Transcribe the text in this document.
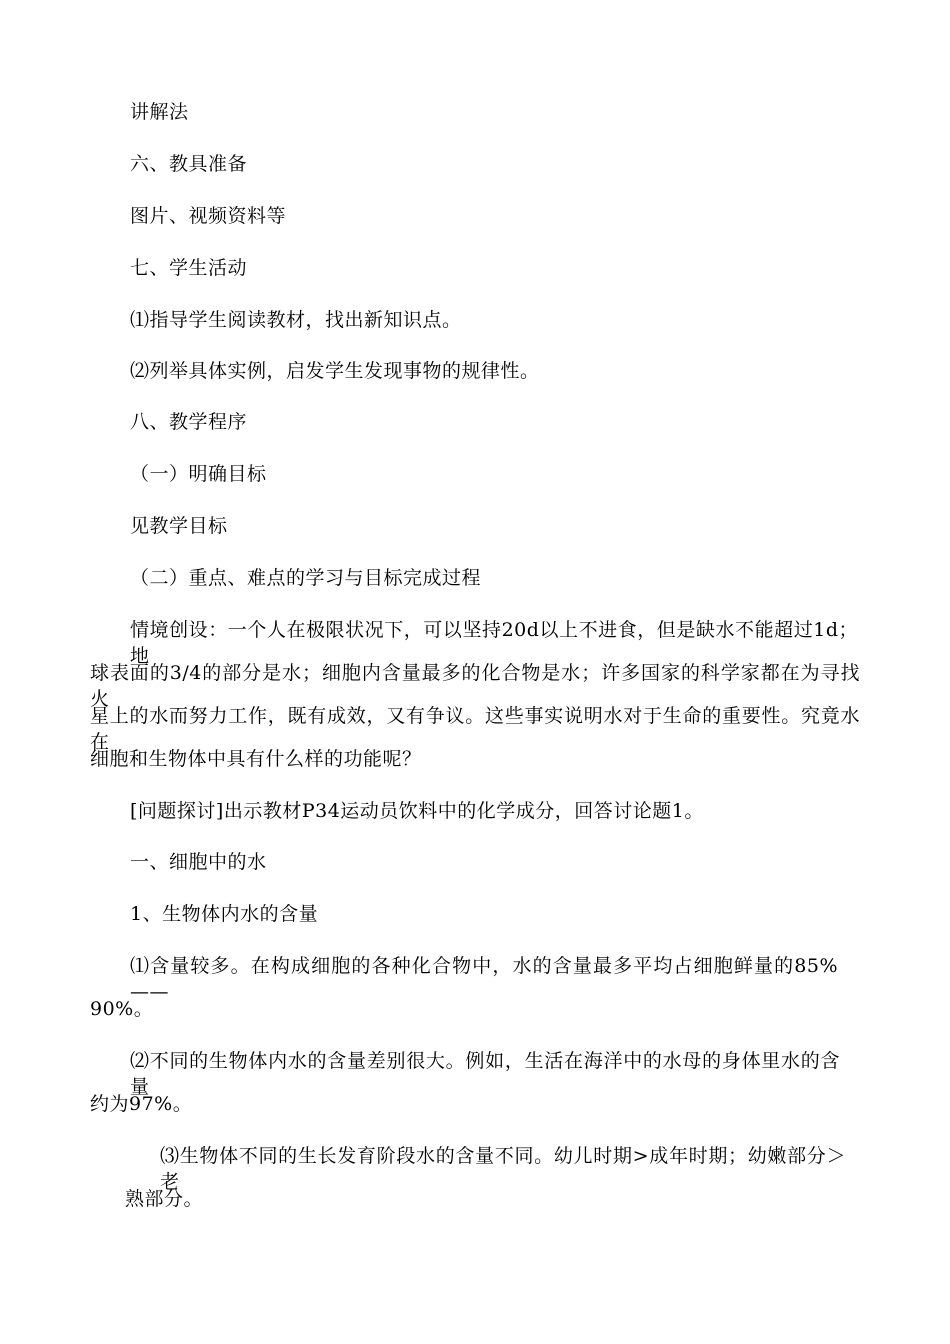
讲解法
六、教具准备
图片、视频资料等
七、学生活动
⑴指导学生阅读教材，找出新知识点。
⑵列举具体实例，启发学生发现事物的规律性。
八、教学程序
（一）明确目标
见教学目标
（二）重点、难点的学习与目标完成过程
情境创设：一个人在极限状况下，可以坚持20d以上不进食，但是缺水不能超过1d；地
球表面的3/4的部分是水；细胞内含量最多的化合物是水；许多国家的科学家都在为寻找火
星上的水而努力工作，既有成效，又有争议。这些事实说明水对于生命的重要性。究竟水在
细胞和生物体中具有什么样的功能呢？
[问题探讨]出示教材P34运动员饮料中的化学成分，回答讨论题1。
一、细胞中的水
1、生物体内水的含量
⑴含量较多。在构成细胞的各种化合物中，水的含量最多平均占细胞鲜量的85%——
90%。
⑵不同的生物体内水的含量差别很大。例如，生活在海洋中的水母的身体里水的含量
约为97%。
⑶生物体不同的生长发育阶段水的含量不同。幼儿时期>成年时期；幼嫩部分＞老
熟部分。
